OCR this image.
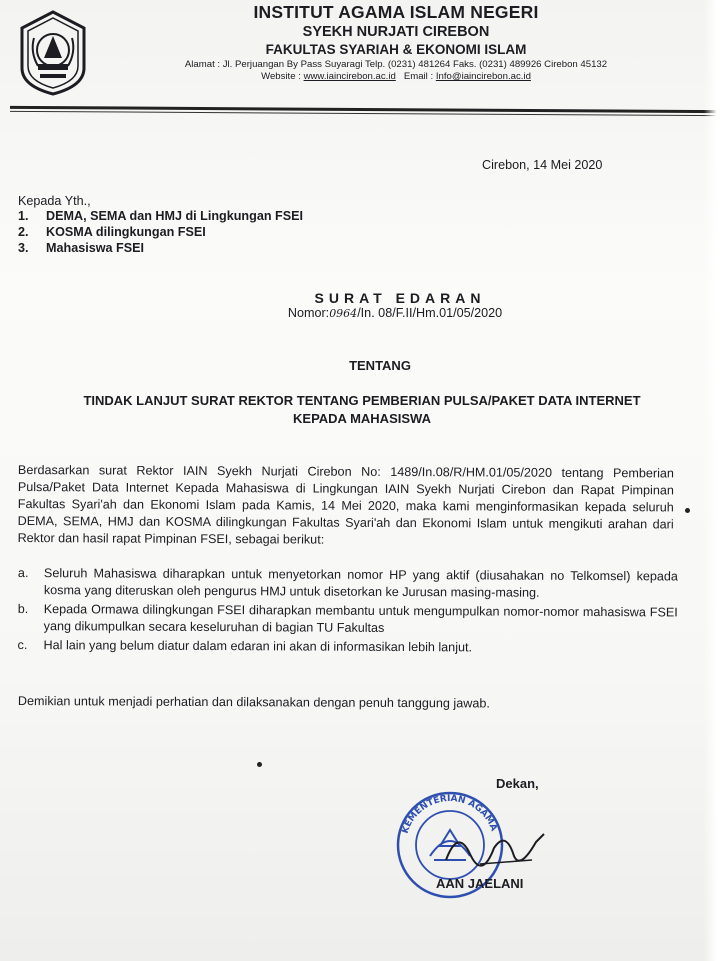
INSTITUT AGAMA ISLAM NEGERI
SYEKH NURJATI CIREBON
FAKULTAS SYARIAH & EKONOMI ISLAM
Alamat : Jl. Perjuangan By Pass Suyaragi Telp. (0231) 481264 Faks. (0231) 489926 Cirebon 45132
Website : www.iaincirebon.ac.id Email : Info@iaincirebon.ac.id
Cirebon, 14 Mei 2020
Kepada Yth.,
1. DEMA, SEMA dan HMJ di Lingkungan FSEI
2. KOSMA dilingkungan FSEI
3. Mahasiswa FSEI
SURAT EDARAN
Nomor:0964/In. 08/F.II/Hm.01/05/2020
TENTANG
TINDAK LANJUT SURAT REKTOR TENTANG PEMBERIAN PULSA/PAKET DATA INTERNET
KEPADA MAHASISWA
Berdasarkan surat Rektor IAIN Syekh Nurjati Cirebon No: 1489/In.08/R/HM.01/05/2020 tentang Pemberian Pulsa/Paket Data Internet Kepada Mahasiswa di Lingkungan IAIN Syekh Nurjati Cirebon dan Rapat Pimpinan Fakultas Syari'ah dan Ekonomi Islam pada Kamis, 14 Mei 2020, maka kami menginformasikan kepada seluruh DEMA, SEMA, HMJ dan KOSMA dilingkungan Fakultas Syari'ah dan Ekonomi Islam untuk mengikuti arahan dari Rektor dan hasil rapat Pimpinan FSEI, sebagai berikut:
a.	Seluruh Mahasiswa diharapkan untuk menyetorkan nomor HP yang aktif (diusahakan no Telkomsel) kepada kosma yang diteruskan oleh pengurus HMJ untuk disetorkan ke Jurusan masing-masing.
b.	Kepada Ormawa dilingkungan FSEI diharapkan membantu untuk mengumpulkan nomor-nomor mahasiswa FSEI yang dikumpulkan secara keseluruhan di bagian TU Fakultas
c.	Hal lain yang belum diatur dalam edaran ini akan di informasikan lebih lanjut.
Demikian untuk menjadi perhatian dan dilaksanakan dengan penuh tanggung jawab.
KEMENTERIAN AGAMA
Dekan,
AAN JAELANI
